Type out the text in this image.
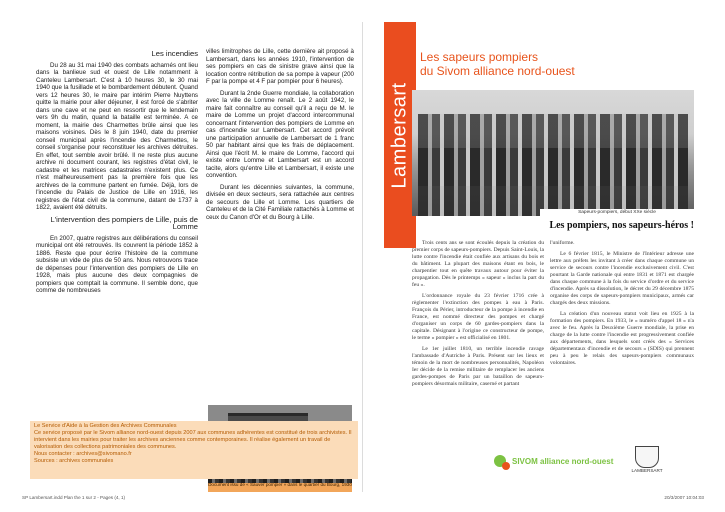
Les incendies

Du 28 au 31 mai 1940 des combats acharnés ont lieu dans la banlieue sud et ouest de Lille notamment à Canteleu Lambersart. C'est à 10 heures 30, le 30 mai 1940 que la fusillade et le bombardement débutent. Quand vers 12 heures 30, le maire par intérim Pierre Nuyttens quitte la mairie pour aller déjeuner, il est forcé de s'abriter dans une cave et ne peut en ressortir que le lendemain vers 9h du matin, quand la bataille est terminée. A ce moment, la mairie des Charmettes brûle ainsi que les maisons voisines. Dès le 8 juin 1940, date du premier conseil municipal après l'incendie des Charmettes, le conseil s'organise pour reconstituer les archives détruites. En effet, tout semble avoir brûlé. Il ne reste plus aucune archive ni document courant, les registres d'état civil, le cadastre et les matrices cadastrales n'existent plus. Ce n'est malheureusement pas la première fois que les archives de la commune partent en fumée. Déjà, lors de l'incendie du Palais de Justice de Lille en 1916, les registres de l'état civil de la commune, datant de 1737 à 1822, avaient été détruits.

L'intervention des pompiers de Lille, puis de Lomme

En 2007, quatre registres aux délibérations du conseil municipal ont été retrouvés. Ils couvrent la période 1852 à 1886. Reste que pour écrire l'histoire de la commune subsiste un vide de plus de 50 ans. Nous retrouvons trace de dépenses pour l'intervention des pompiers de Lille en 1928, mais plus aucune des deux compagnies de pompiers que comptait la commune. Il semble donc, que comme de nombreuses

villes limitrophes de Lille, cette dernière ait proposé à Lambersart, dans les années 1910, l'intervention de ses pompiers en cas de sinistre grave ainsi que la location contre rétribution de sa pompe à vapeur (200 F par la pompe et 4 F par pompier pour 6 heures).

Durant la 2nde Guerre mondiale, la collaboration avec la ville de Lomme renaît. Le 2 août 1942, le maire fait connaître au conseil qu'il a reçu de M. le maire de Lomme un projet d'accord intercommunal concernant l'intervention des pompiers de Lomme en cas d'incendie sur Lambersart. Cet accord prévoit une participation annuelle de Lambersart de 1 franc 50 par habitant ainsi que les frais de déplacement. Ainsi que l'écrit M. le maire de Lomme, l'accord qui existe entre Lomme et Lambersart est un accord tacite, alors qu'entre Lille et Lambersart, il existe une convention.

Durant les décennies suivantes, la commune, divisée en deux secteurs, sera rattachée aux centres de secours de Lille et Lomme. Les quartiers de Canteleu et de la Cité Familiale rattachés à Lomme et ceux du Canon d'Or et du Bourg à Lille.

Document issu de « Sauver pompier » dans le quartier du Bourg, 1930

Le Service d'Aide à la Gestion des Archives Communales

Ce service proposé par le Sivom alliance nord-ouest depuis 2007 aux communes adhérentes est constitué de trois archivistes. Il intervient dans les mairies pour traiter les archives anciennes comme contemporaines. Il réalise également un travail de valorisation des collections patrimoniales des communes.

Nous contacter : archives@sivomano.fr

Sources : archives communales

Lambersart
Les sapeurs pompiers
du Sivom alliance nord-ouest
Sapeurs-pompiers, début XXe siècle
Les pompiers, nos sapeurs-héros !

Trois cents ans se sont écoulés depuis la création du premier corps de sapeurs-pompiers. Depuis Saint-Louis, la lutte contre l'incendie était confiée aux artisans du bois et du bâtiment. La plupart des maisons étant en bois, le charpentier tout en quête travaux autour pour éviter la propagation. Dès le printemps « sapeur » inclus la part du feu ».

L'ordonnance royale du 23 février 1716 crée à règlementer l'extinction des pompes à eau à Paris. François du Périer, introducteur de la pompe à incendie en France, est nommé directeur des pompes et chargé d'organiser un corps de 60 gardes-pompiers dans la capitale. Désignant à l'origine ce constructeur de pompe, le terme « pompier » est officialisé en 1801.

Le 1er juillet 1810, un terrible incendie ravage l'ambassade d'Autriche à Paris. Présent sur les lieux et témoin de la mort de nombreuses personnalités, Napoléon Ier décide de la remise militaire de remplacer les anciens gardes-pompes de Paris par un bataillon de sapeurs-pompiers désormais militaire, caserné et partant

l'uniforme.

Le 6 février 1815, le Ministre de l'Intérieur adresse une lettre aux préfets les invitant à créer dans chaque commune un service de secours contre l'incendie exclusivement civil. C'est pourtant la Garde nationale qui entre 1831 et 1871 est chargée dans chaque commune à la fois du service d'ordre et du service d'incendie. Après sa dissolution, le décret du 29 décembre 1875 organise des corps de sapeurs-pompiers municipaux, armés car chargés des deux missions.

La création d'un nouveau statut voit lieu en 1925 à la formation des pompiers. En 1933, le « numéro d'appel 18 » n'a avec le feu. Après la Deuxième Guerre mondiale, la prise en charge de la lutte contre l'incendie est progressivement confiée aux départements, dans lesquels sont créés des « Services départementaux d'incendie et de secours » (SDIS) qui prennent peu à peu le relais des sapeurs-pompiers communaux volontaires.

SIVOM alliance nord-ouest
LAMBERSART
SP Lambersart.indd Plan the 1 sur 2 - Pages (4, 1)	20/3/2007 10:04:03
